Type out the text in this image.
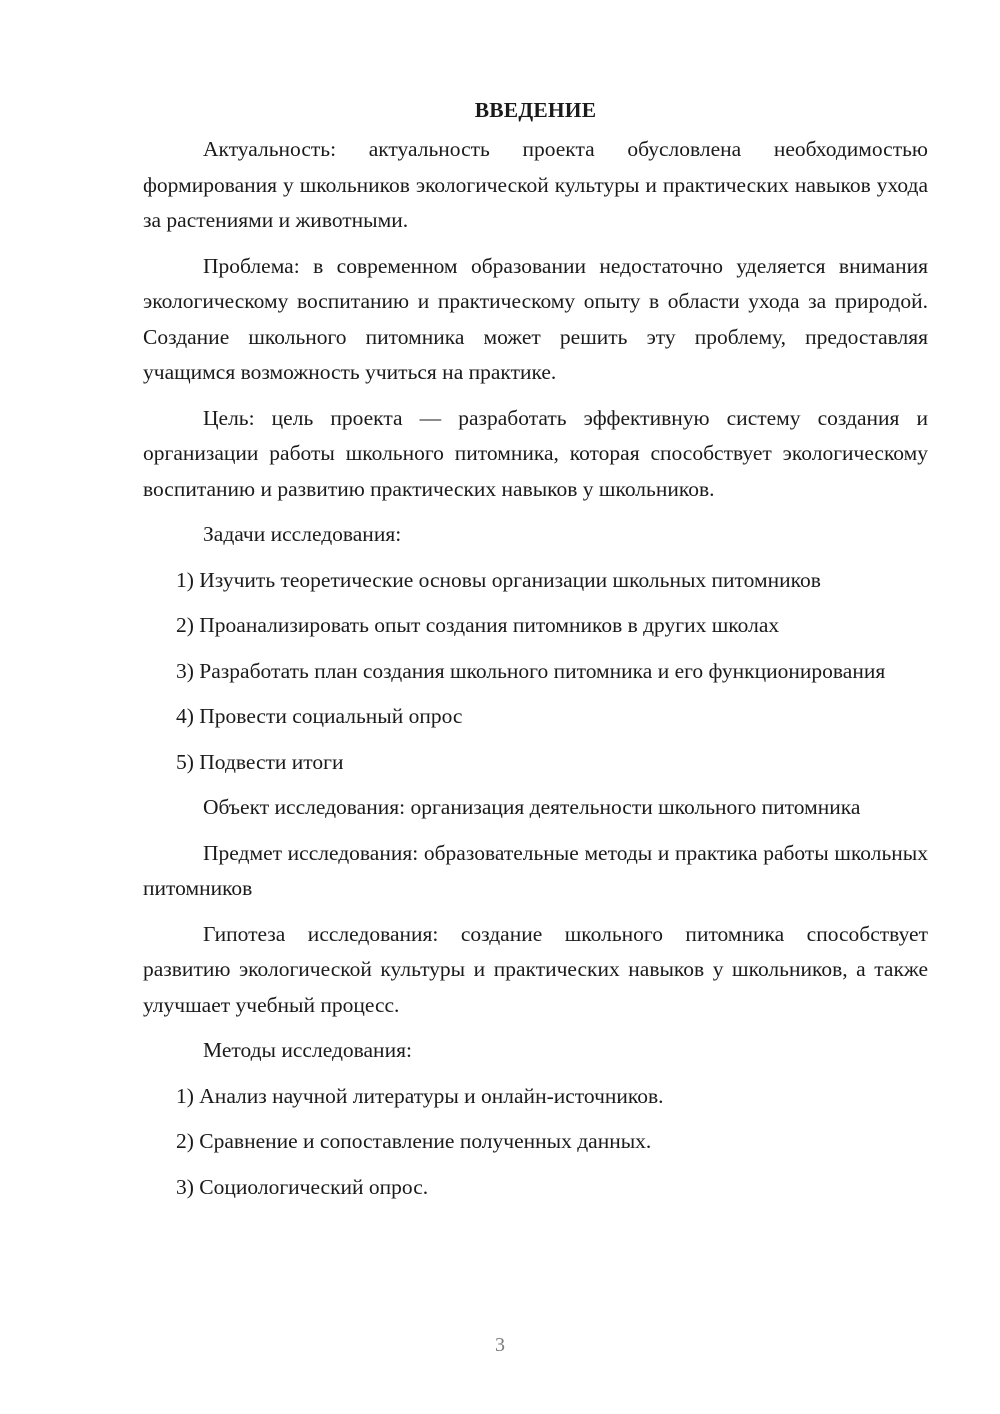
ВВЕДЕНИЕ

Актуальность: актуальность проекта обусловлена необходимостью формирования у школьников экологической культуры и практических навыков ухода за растениями и животными.

Проблема: в современном образовании недостаточно уделяется внимания экологическому воспитанию и практическому опыту в области ухода за природой. Создание школьного питомника может решить эту проблему, предоставляя учащимся возможность учиться на практике.

Цель: цель проекта — разработать эффективную систему создания и организации работы школьного питомника, которая способствует экологическому воспитанию и развитию практических навыков у школьников.

Задачи исследования:

1) Изучить теоретические основы организации школьных питомников

2) Проанализировать опыт создания питомников в других школах

3) Разработать план создания школьного питомника и его функционирования

4) Провести социальный опрос

5) Подвести итоги

Объект исследования: организация деятельности школьного питомника

Предмет исследования: образовательные методы и практика работы школьных питомников

Гипотеза исследования: создание школьного питомника способствует развитию экологической культуры и практических навыков у школьников, а также улучшает учебный процесс.

Методы исследования:

1) Анализ научной литературы и онлайн-источников.

2) Сравнение и сопоставление полученных данных.

3) Социологический опрос.

3
